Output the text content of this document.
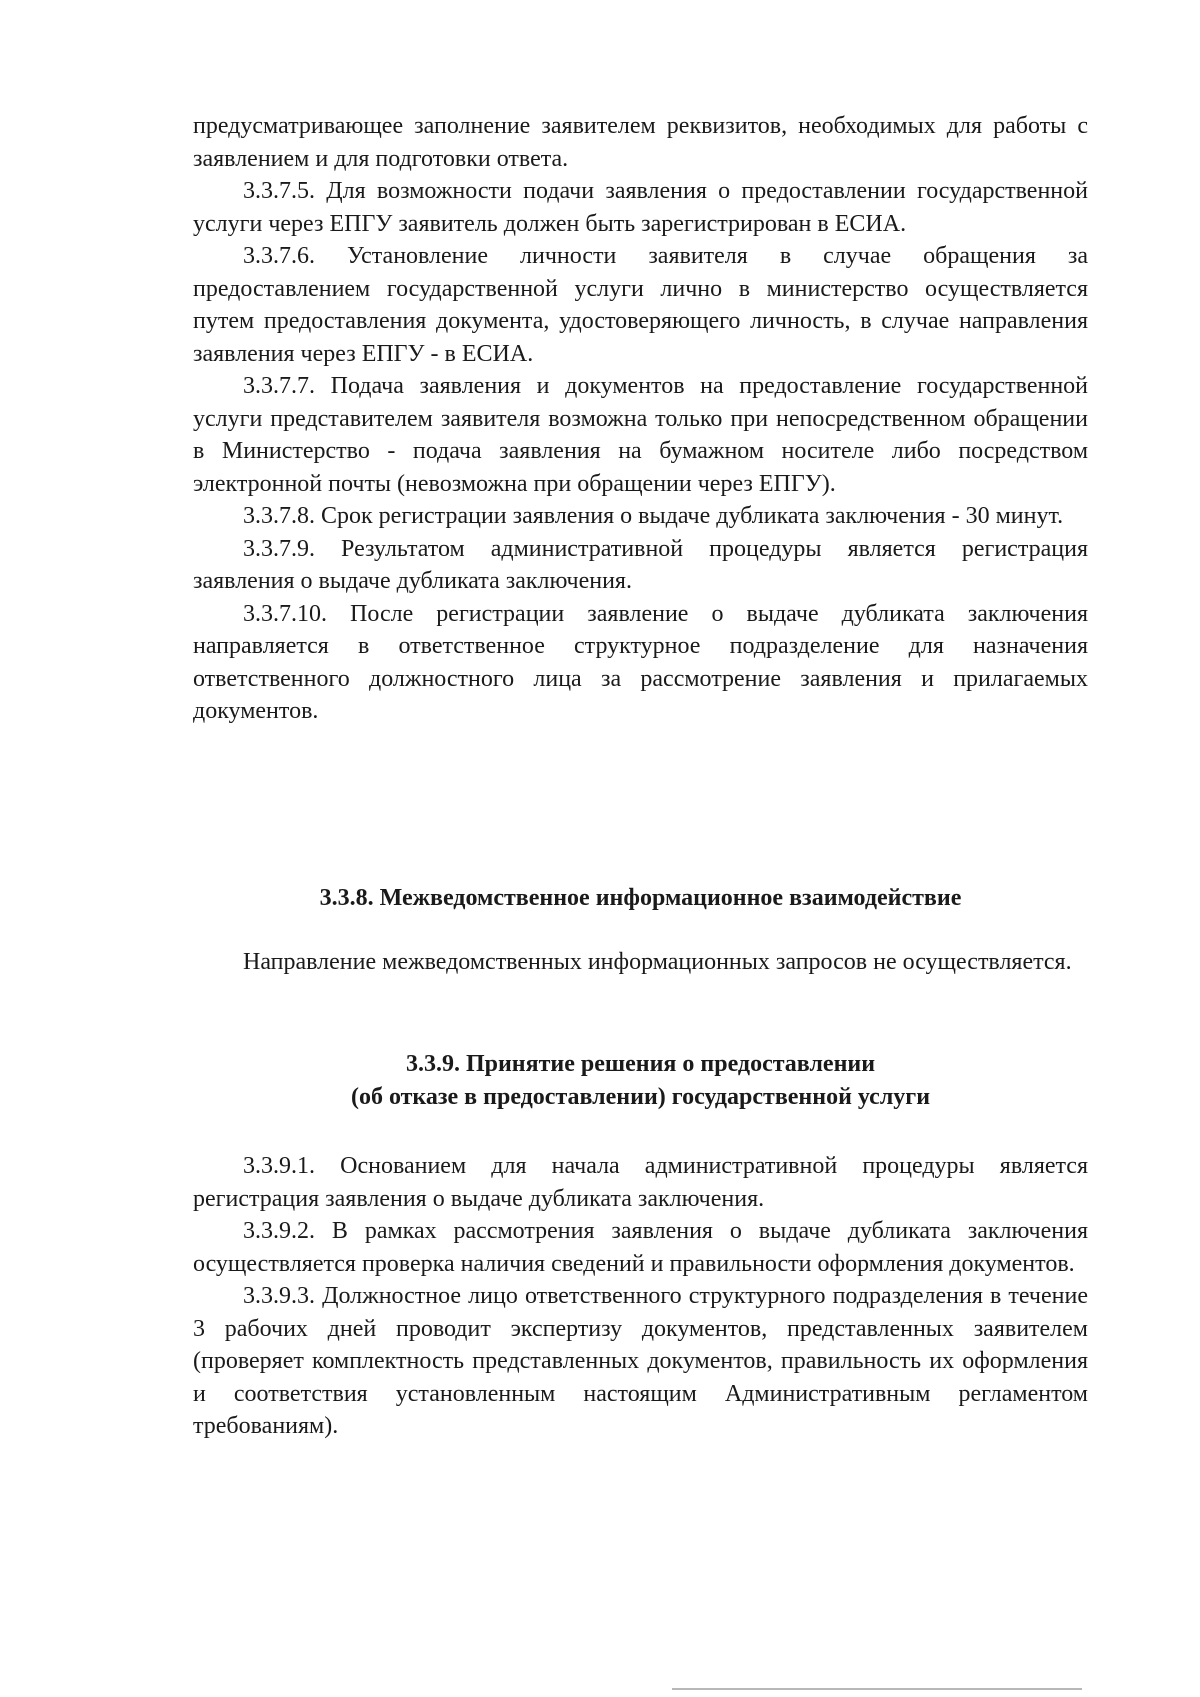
предусматривающее заполнение заявителем реквизитов, необходимых для работы с заявлением и для подготовки ответа.

3.3.7.5. Для возможности подачи заявления о предоставлении государственной услуги через ЕПГУ заявитель должен быть зарегистрирован в ЕСИА.

3.3.7.6. Установление личности заявителя в случае обращения за предоставлением государственной услуги лично в министерство осуществляется путем предоставления документа, удостоверяющего личность, в случае направления заявления через ЕПГУ - в ЕСИА.

3.3.7.7. Подача заявления и документов на предоставление государственной услуги представителем заявителя возможна только при непосредственном обращении в Министерство - подача заявления на бумажном носителе либо посредством электронной почты (невозможна при обращении через ЕПГУ).

3.3.7.8. Срок регистрации заявления о выдаче дубликата заключения - 30 минут.

3.3.7.9. Результатом административной процедуры является регистрация заявления о выдаче дубликата заключения.

3.3.7.10. После регистрации заявление о выдаче дубликата заключения направляется в ответственное структурное подразделение для назначения ответственного должностного лица за рассмотрение заявления и прилагаемых документов.

3.3.8. Межведомственное информационное взаимодействие

Направление межведомственных информационных запросов не осуществляется.

3.3.9. Принятие решения о предоставлении
(об отказе в предоставлении) государственной услуги

3.3.9.1. Основанием для начала административной процедуры является регистрация заявления о выдаче дубликата заключения.

3.3.9.2. В рамках рассмотрения заявления о выдаче дубликата заключения осуществляется проверка наличия сведений и правильности оформления документов.

3.3.9.3. Должностное лицо ответственного структурного подразделения в течение 3 рабочих дней проводит экспертизу документов, представленных заявителем (проверяет комплектность представленных документов, правильность их оформления и соответствия установленным настоящим Административным регламентом требованиям).
